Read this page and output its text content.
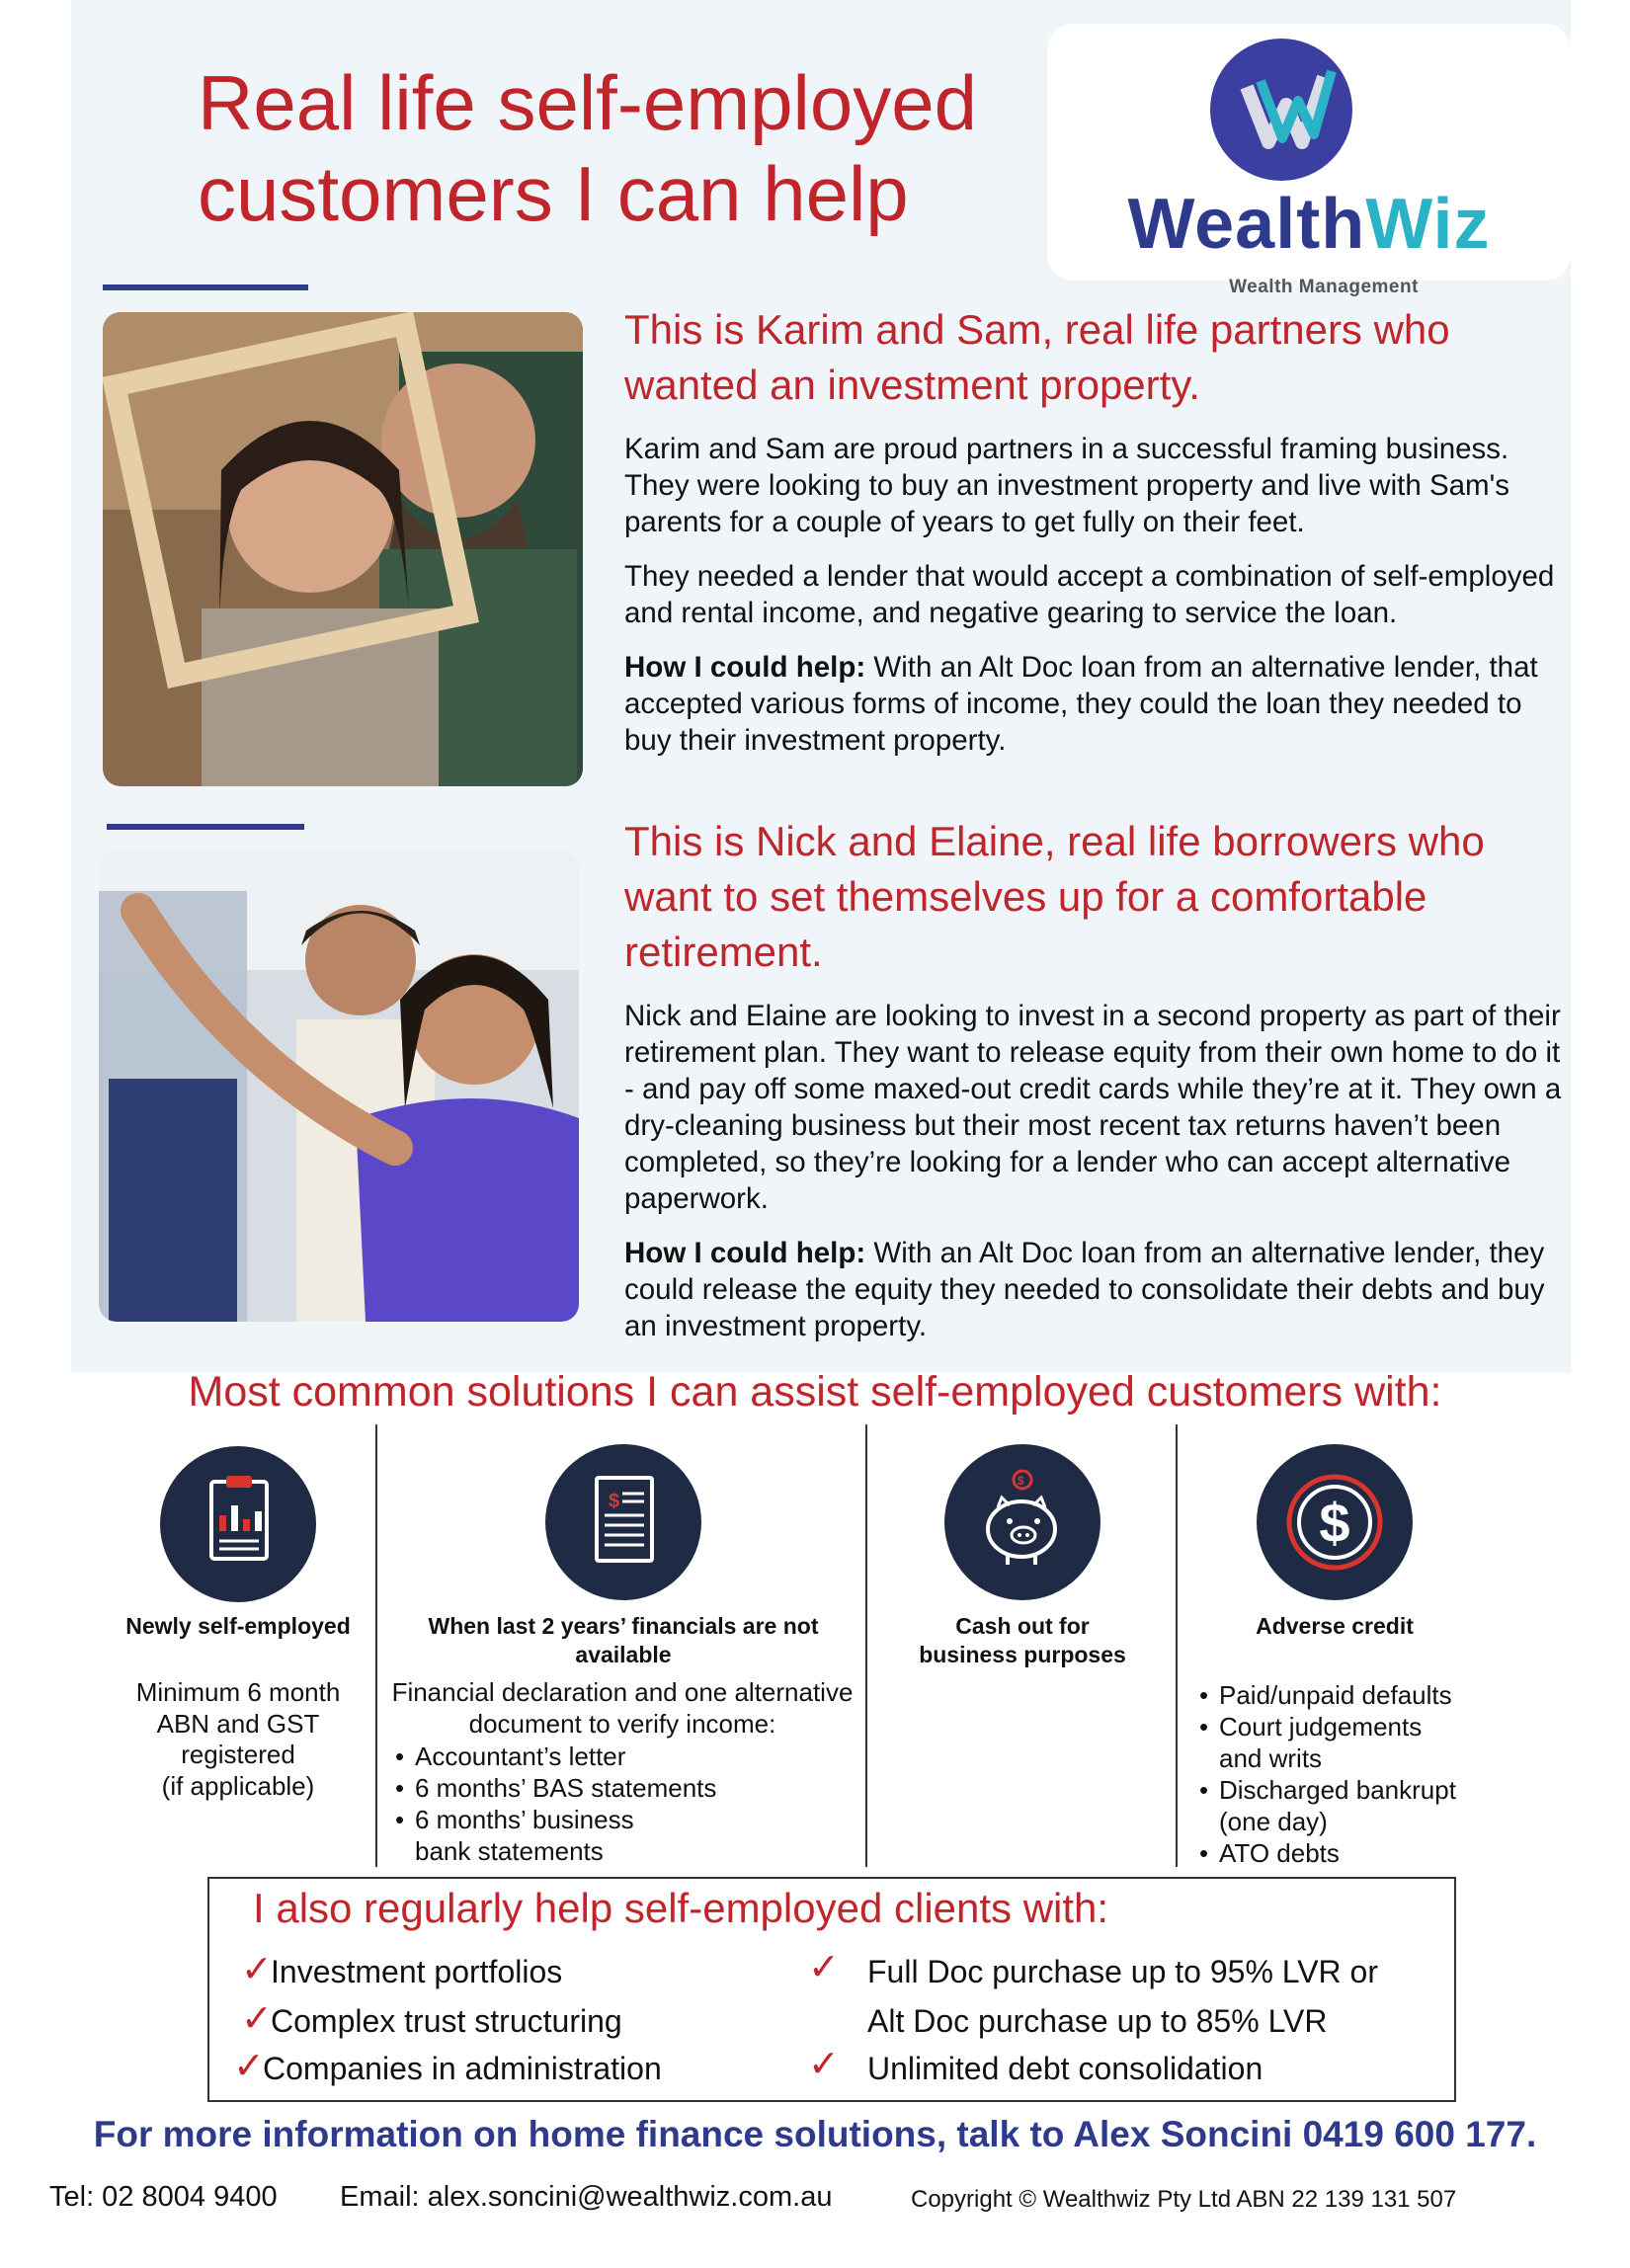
Real life self-employed
customers I can help	WealthWiz
Wealth Management
This is Karim and Sam, real life partners who wanted an investment property.

Karim and Sam are proud partners in a successful framing business. They were looking to buy an investment property and live with Sam's parents for a couple of years to get fully on their feet.

They needed a lender that would accept a combination of self-employed and rental income, and negative gearing to service the loan.

How I could help: With an Alt Doc loan from an alternative lender, that accepted various forms of income, they could the loan they needed to buy their investment property.

This is Nick and Elaine, real life borrowers who want to set themselves up for a comfortable retirement.

Nick and Elaine are looking to invest in a second property as part of their retirement plan. They want to release equity from their own home to do it - and pay off some maxed-out credit cards while they’re at it. They own a dry-cleaning business but their most recent tax returns haven’t been completed, so they’re looking for a lender who can accept alternative paperwork.

How I could help: With an Alt Doc loan from an alternative lender, they could release the equity they needed to consolidate their debts and buy an investment property.

Most common solutions I can assist self-employed customers with:
Newly self-employed
Minimum 6 month
ABN and GST
registered
(if applicable)
$
When last 2 years’ financials are not
available
Financial declaration and one alternative
document to verify income:
• Accountant’s letter
• 6 months’ BAS statements
• 6 months’ business
bank statements
$
Cash out for
business purposes
$
Adverse credit
• Paid/unpaid defaults
• Court judgements
and writs
• Discharged bankrupt
(one day)
• ATO debts
I also regularly help self-employed clients with:
✓
Investment portfolios
✓
Complex trust structuring
✓
Companies in administration
✓ Full Doc purchase up to 95% LVR or
Alt Doc purchase up to 85% LVR
✓ Unlimited debt consolidation
For more information on home finance solutions, talk to Alex Soncini 0419 600 177.
Tel: 02 8004 9400 Email: alex.soncini@wealthwiz.com.au	Copyright © Wealthwiz Pty Ltd ABN 22 139 131 507
